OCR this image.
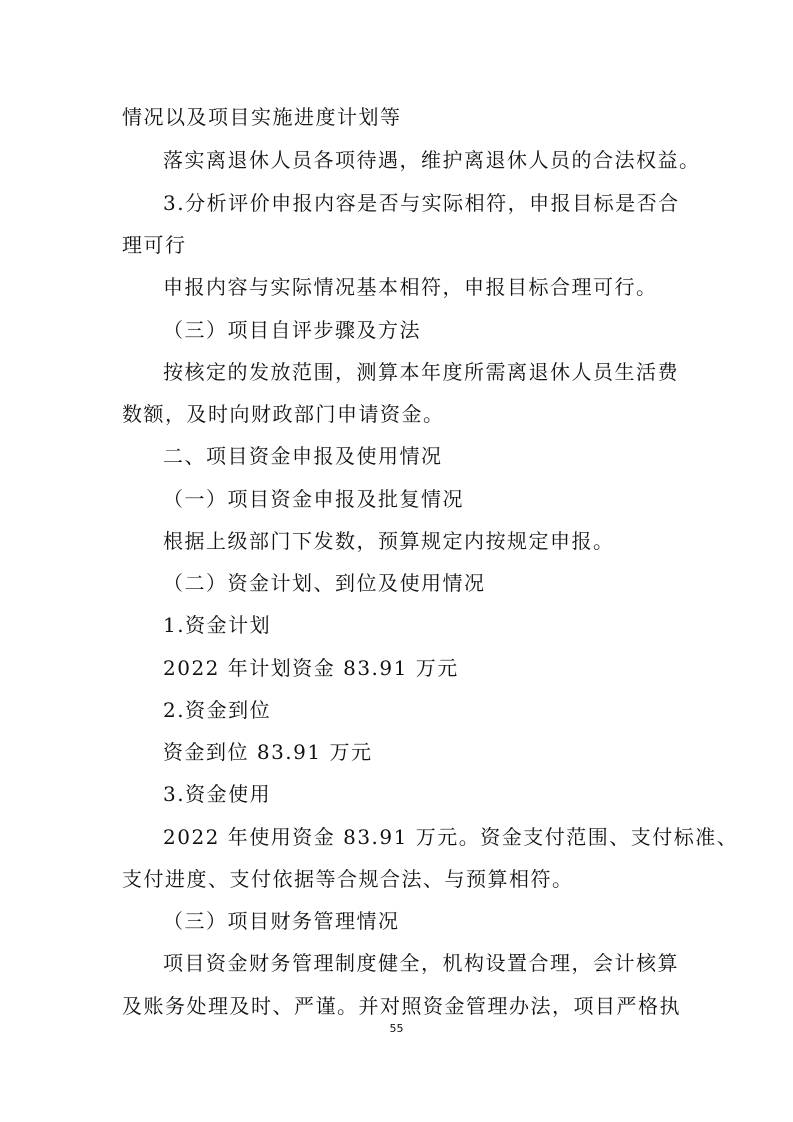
情况以及项目实施进度计划等
落实离退休人员各项待遇，维护离退休人员的合法权益。
3.分析评价申报内容是否与实际相符，申报目标是否合
理可行
申报内容与实际情况基本相符，申报目标合理可行。
（三）项目自评步骤及方法
按核定的发放范围，测算本年度所需离退休人员生活费
数额，及时向财政部门申请资金。
二、项目资金申报及使用情况
（一）项目资金申报及批复情况
根据上级部门下发数，预算规定内按规定申报。
（二）资金计划、到位及使用情况
1.资金计划
2022 年计划资金 83.91 万元
2.资金到位
资金到位 83.91 万元
3.资金使用
2022 年使用资金 83.91 万元。资金支付范围、支付标准、
支付进度、支付依据等合规合法、与预算相符。
（三）项目财务管理情况
项目资金财务管理制度健全，机构设置合理，会计核算
及账务处理及时、严谨。并对照资金管理办法，项目严格执
55
